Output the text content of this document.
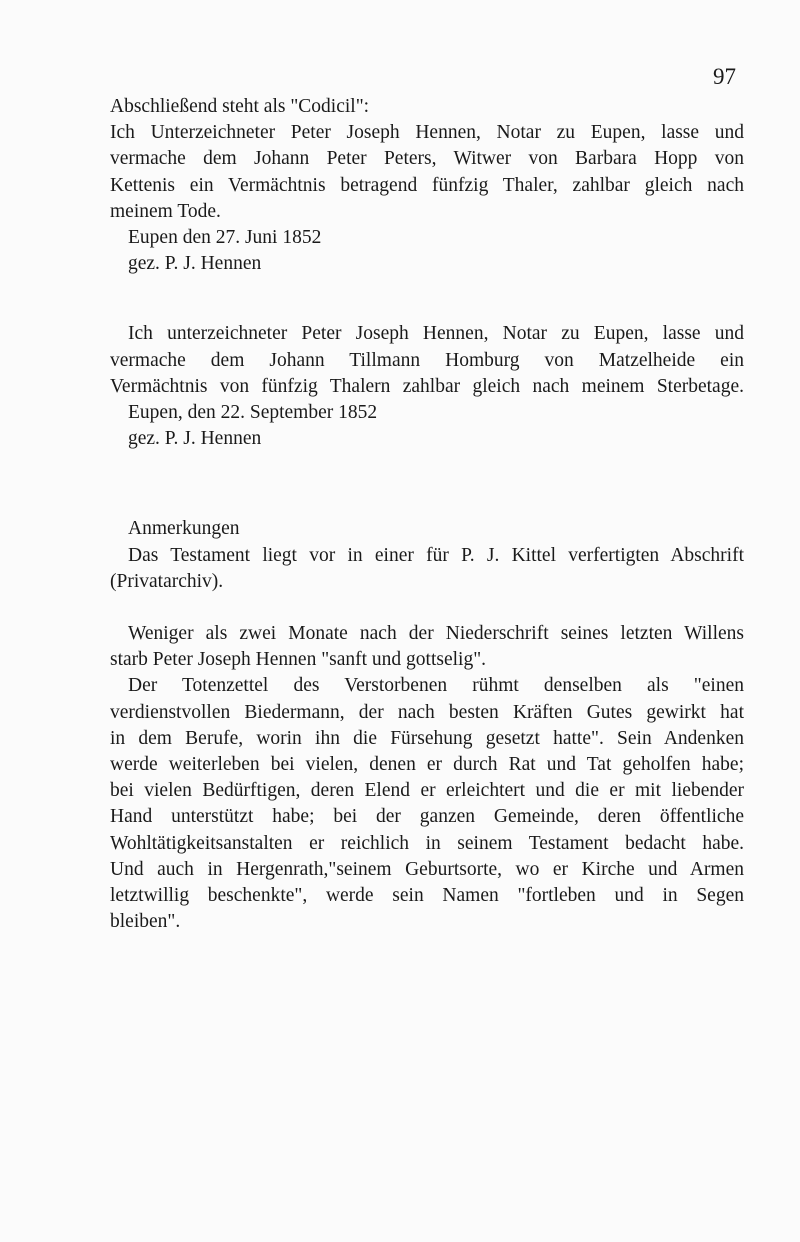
97
Abschließend steht als "Codicil":
Ich Unterzeichneter Peter Joseph Hennen, Notar zu Eupen, lasse und
vermache dem Johann Peter Peters, Witwer von Barbara Hopp von
Kettenis ein Vermächtnis betragend fünfzig Thaler, zahlbar gleich nach
meinem Tode.
Eupen den 27. Juni 1852
gez. P. J. Hennen
Ich unterzeichneter Peter Joseph Hennen, Notar zu Eupen, lasse und
vermache dem Johann Tillmann Homburg von Matzelheide ein
Vermächtnis von fünfzig Thalern zahlbar gleich nach meinem Sterbetage.
Eupen, den 22. September 1852
gez. P. J. Hennen
Anmerkungen
Das Testament liegt vor in einer für P. J. Kittel verfertigten Abschrift
(Privatarchiv).
Weniger als zwei Monate nach der Niederschrift seines letzten Willens
starb Peter Joseph Hennen "sanft und gottselig".
Der Totenzettel des Verstorbenen rühmt denselben als "einen
verdienstvollen Biedermann, der nach besten Kräften Gutes gewirkt hat
in dem Berufe, worin ihn die Fürsehung gesetzt hatte". Sein Andenken
werde weiterleben bei vielen, denen er durch Rat und Tat geholfen habe;
bei vielen Bedürftigen, deren Elend er erleichtert und die er mit liebender
Hand unterstützt habe; bei der ganzen Gemeinde, deren öffentliche
Wohltätigkeitsanstalten er reichlich in seinem Testament bedacht habe.
Und auch in Hergenrath,"seinem Geburtsorte, wo er Kirche und Armen
letztwillig beschenkte", werde sein Namen "fortleben und in Segen
bleiben".
